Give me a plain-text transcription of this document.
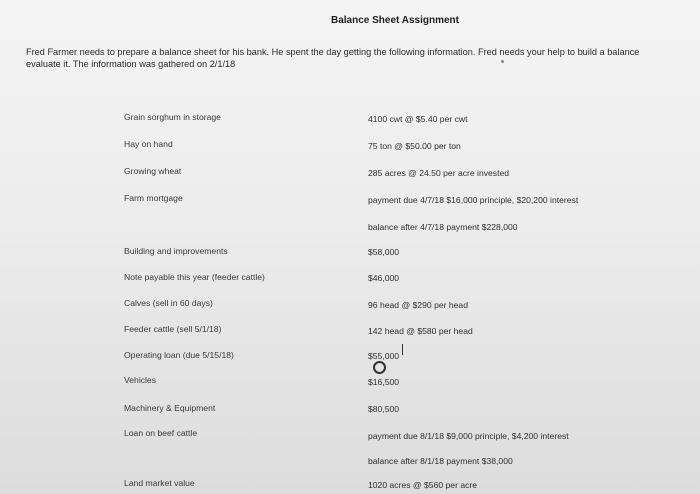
Balance Sheet Assignment
Fred Farmer needs to prepare a balance sheet for his bank. He spent the day getting the following information. Fred needs your help to build a balance
evaluate it. The information was gathered on 2/1/18
Grain sorghum in storage	4100 cwt @ $5.40 per cwt
Hay on hand	75 ton @ $50.00 per ton
Growing wheat	285 acres @ 24.50 per acre invested
Farm mortgage	payment due 4/7/18 $16,000 principle, $20,200 interest
balance after 4/7/18 payment $228,000
Building and improvements	$58,000
Note payable this year (feeder cattle)	$46,000
Calves (sell in 60 days)	96 head @ $290 per head
Feeder cattle (sell 5/1/18)	142 head @ $580 per head
Operating loan (due 5/15/18)	$55,000
Vehicles	$16,500
Machinery & Equipment	$80,500
Loan on beef cattle	payment due 8/1/18 $9,000 principle, $4,200 interest
balance after 8/1/18 payment $38,000
Land market value	1020 acres @ $560 per acre
